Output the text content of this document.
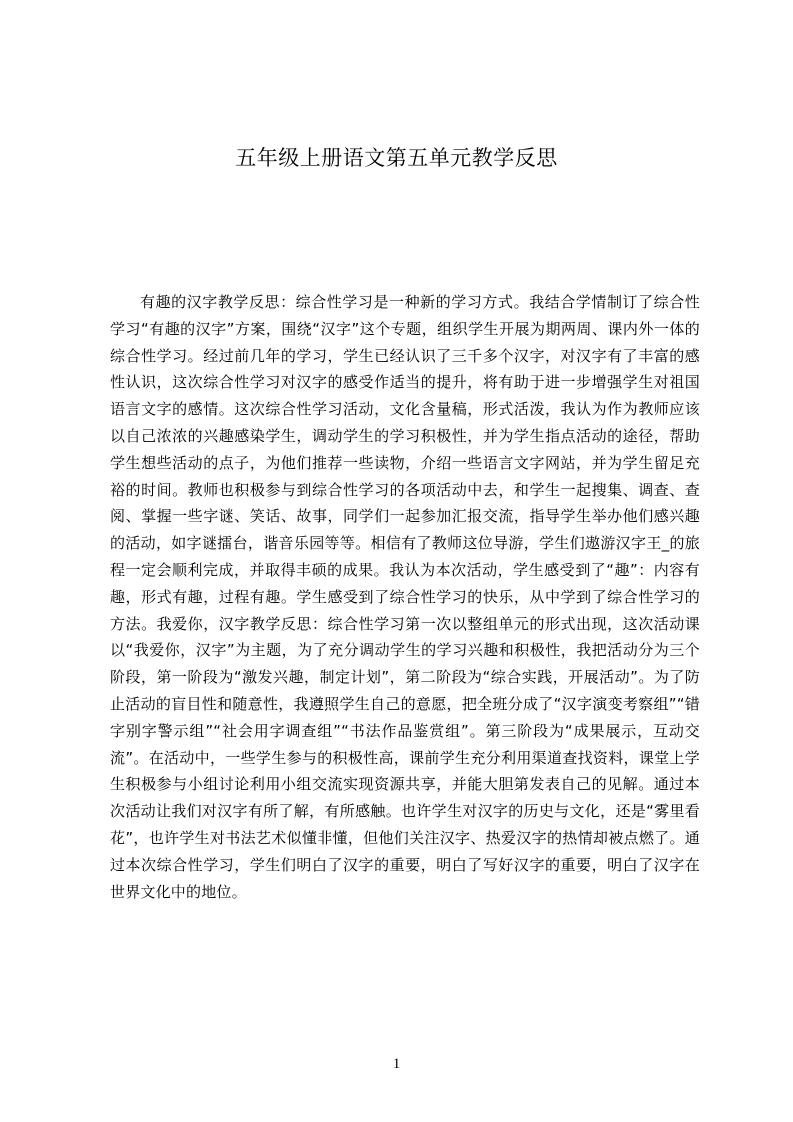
五年级上册语文第五单元教学反思

有趣的汉字教学反思：综合性学习是一种新的学习方式。我结合学情制订了综合性学习“有趣的汉字”方案，围绕“汉字”这个专题，组织学生开展为期两周、课内外一体的综合性学习。经过前几年的学习，学生已经认识了三千多个汉字，对汉字有了丰富的感性认识，这次综合性学习对汉字的感受作适当的提升，将有助于进一步增强学生对祖国语言文字的感情。这次综合性学习活动，文化含量稿，形式活泼，我认为作为教师应该以自己浓浓的兴趣感染学生，调动学生的学习积极性，并为学生指点活动的途径，帮助学生想些活动的点子，为他们推荐一些读物，介绍一些语言文字网站，并为学生留足充裕的时间。教师也积极参与到综合性学习的各项活动中去，和学生一起搜集、调查、查阅、掌握一些字谜、笑话、故事，同学们一起参加汇报交流，指导学生举办他们感兴趣的活动，如字谜擂台，谐音乐园等等。相信有了教师这位导游，学生们遨游汉字王_的旅程一定会顺利完成，并取得丰硕的成果。我认为本次活动，学生感受到了“趣”：内容有趣，形式有趣，过程有趣。学生感受到了综合性学习的快乐，从中学到了综合性学习的方法。我爱你，汉字教学反思：综合性学习第一次以整组单元的形式出现，这次活动课以“我爱你，汉字”为主题，为了充分调动学生的学习兴趣和积极性，我把活动分为三个阶段，第一阶段为“激发兴趣，制定计划”，第二阶段为“综合实践，开展活动”。为了防止活动的盲目性和随意性，我遵照学生自己的意愿，把全班分成了“汉字演变考察组”“错字别字警示组”“社会用字调查组”“书法作品鉴赏组”。第三阶段为“成果展示，互动交流”。在活动中，一些学生参与的积极性高，课前学生充分利用渠道查找资料，课堂上学生积极参与小组讨论利用小组交流实现资源共享，并能大胆第发表自己的见解。通过本次活动让我们对汉字有所了解，有所感触。也许学生对汉字的历史与文化，还是“雾里看花”，也许学生对书法艺术似懂非懂，但他们关注汉字、热爱汉字的热情却被点燃了。通过本次综合性学习，学生们明白了汉字的重要，明白了写好汉字的重要，明白了汉字在世界文化中的地位。

1
